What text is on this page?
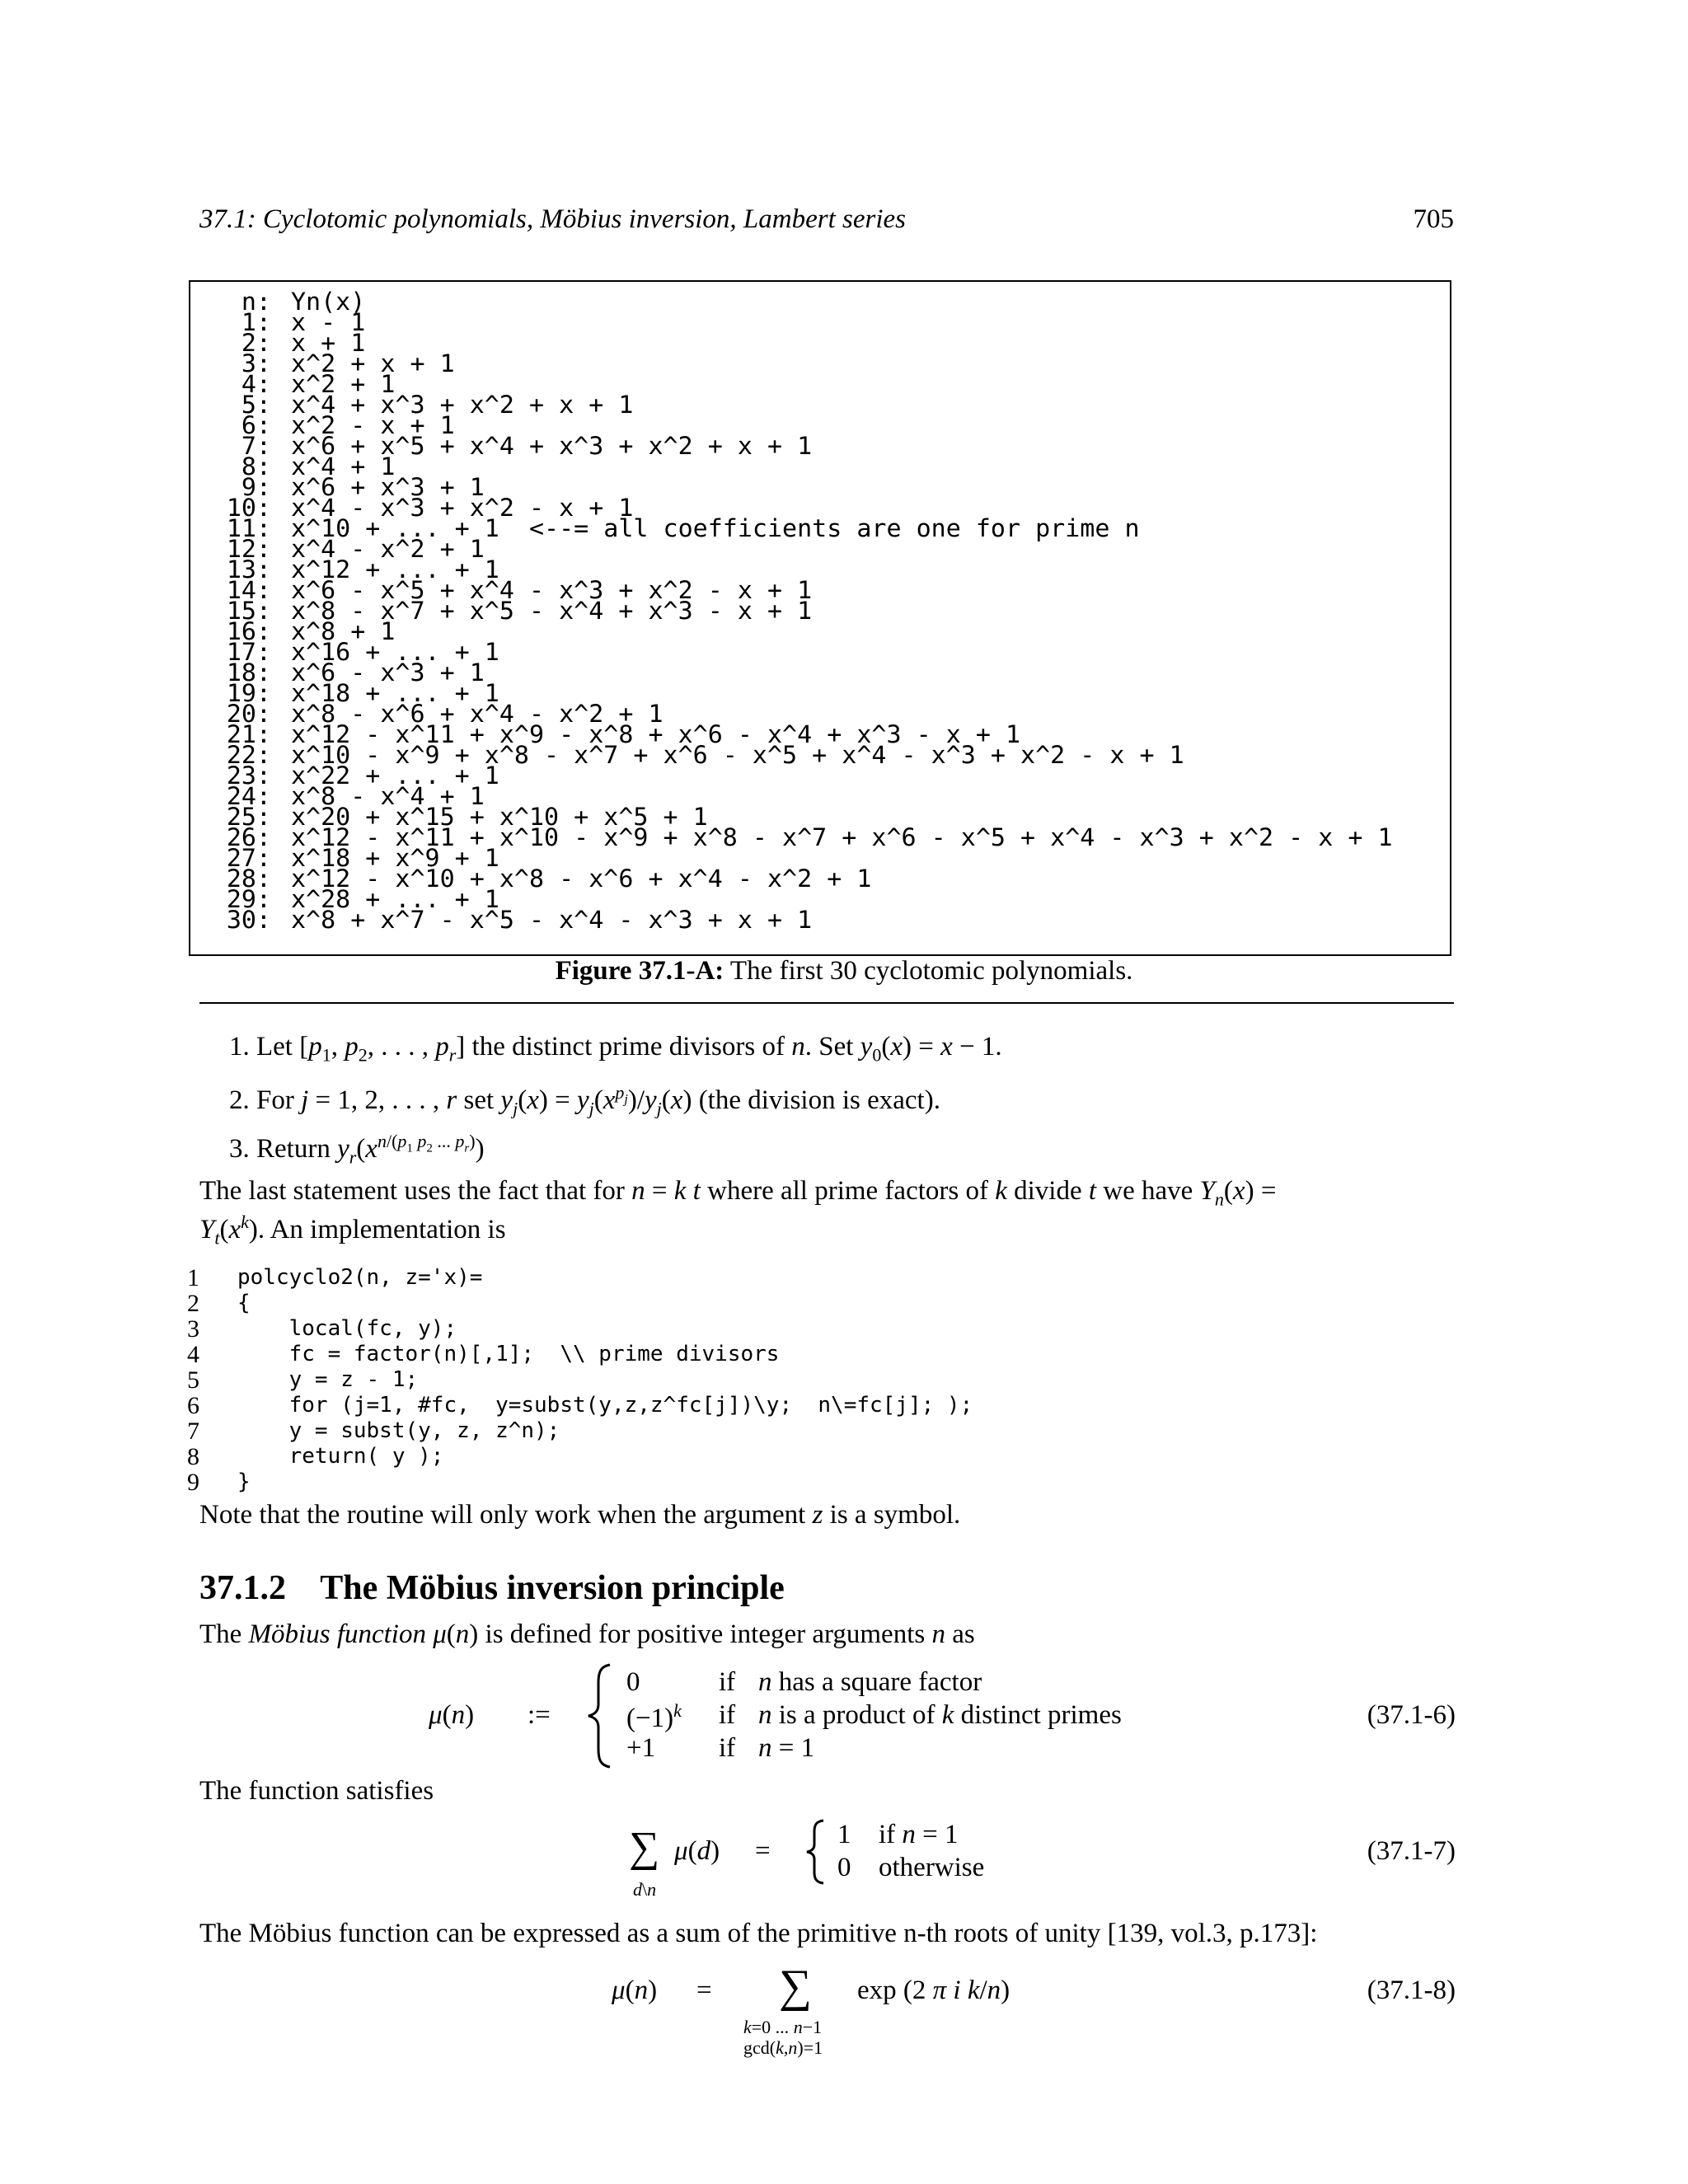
37.1: Cyclotomic polynomials, Möbius inversion, Lambert series	705
n: Yn(x)
1: x - 1
2: x + 1
3: x^2 + x + 1
4: x^2 + 1
5: x^4 + x^3 + x^2 + x + 1
6: x^2 - x + 1
7: x^6 + x^5 + x^4 + x^3 + x^2 + x + 1
8: x^4 + 1
9: x^6 + x^3 + 1
10: x^4 - x^3 + x^2 - x + 1
11: x^10 + ... + 1  <--= all coefficients are one for prime n
12: x^4 - x^2 + 1
13: x^12 + ... + 1
14: x^6 - x^5 + x^4 - x^3 + x^2 - x + 1
15: x^8 - x^7 + x^5 - x^4 + x^3 - x + 1
16: x^8 + 1
17: x^16 + ... + 1
18: x^6 - x^3 + 1
19: x^18 + ... + 1
20: x^8 - x^6 + x^4 - x^2 + 1
21: x^12 - x^11 + x^9 - x^8 + x^6 - x^4 + x^3 - x + 1
22: x^10 - x^9 + x^8 - x^7 + x^6 - x^5 + x^4 - x^3 + x^2 - x + 1
23: x^22 + ... + 1
24: x^8 - x^4 + 1
25: x^20 + x^15 + x^10 + x^5 + 1
26: x^12 - x^11 + x^10 - x^9 + x^8 - x^7 + x^6 - x^5 + x^4 - x^3 + x^2 - x + 1
27: x^18 + x^9 + 1
28: x^12 - x^10 + x^8 - x^6 + x^4 - x^2 + 1
29: x^28 + ... + 1
30: x^8 + x^7 - x^5 - x^4 - x^3 + x + 1
Figure 37.1-A: The first 30 cyclotomic polynomials.
1. Let [$p_1$, $p_2$, . . . , $p_r$] the distinct prime divisors of n. Set $y_0(x) = x - 1$.
2. For j = 1, 2, . . . , r set $y_j(x) = y_j(x^{p_j})/y_j(x)$ (the division is exact).
3. Return $y_r(x^{n/(p_1 p_2 ... p_r)})$
The last statement uses the fact that for n = k t where all prime factors of k divide t we have $Y_n(x)$ =
$Y_t(x^k)$. An implementation is
1 polcyclo2(n, z='x)=
2 {
3 local(fc, y);
4 fc = factor(n)[,1];  \\ prime divisors
5 y = z - 1;
6 for (j=1, #fc,  y=subst(y,z,z^fc[j])\y;  n\=fc[j]; );
7 y = subst(y, z, z^n);
8 return( y );
9 }
Note that the routine will only work when the argument z is a symbol.
37.1.2 The Möbius inversion principle
The Möbius function μ(n) is defined for positive integer arguments n as
μ(n) :=
0
$(-1)^k$
+1
if
if
if
n has a square factor
n is a product of k distinct primes
n = 1
(37.1-6)
The function satisfies
∑ μ(d)
d\n
=
1
0
if n = 1
otherwise
(37.1-7)
The Möbius function can be expressed as a sum of the primitive n-th roots of unity [139, vol.3, p.173]:
μ(n) = ∑
k=0 ... n−1
gcd(k,n)=1
exp (2 π i k/n)	(37.1-8)
